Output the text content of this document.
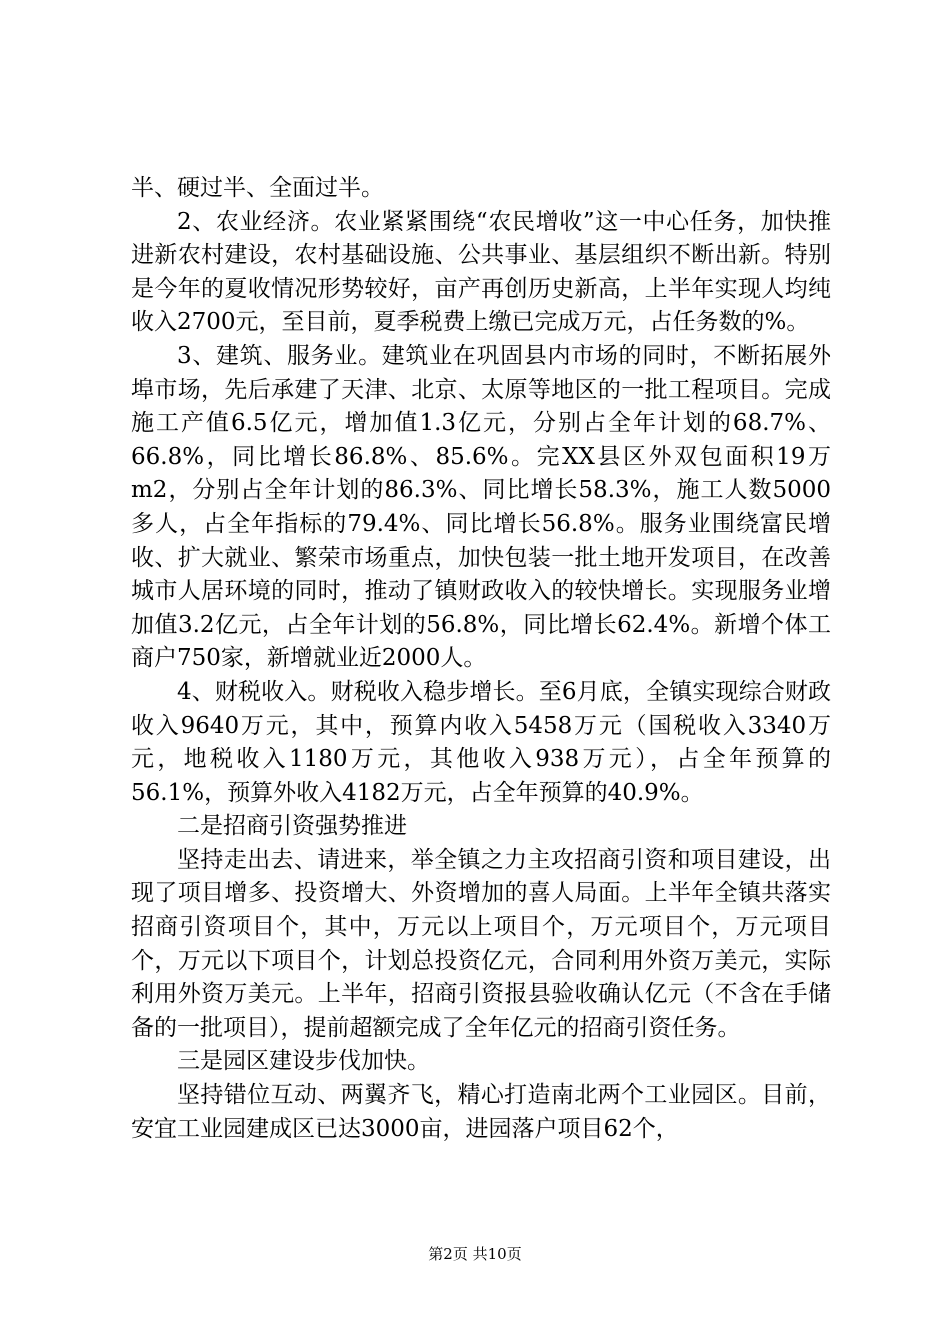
半、硬过半、全面过半。

2、农业经济。农业紧紧围绕“农民增收”这一中心任务，加快推进新农村建设，农村基础设施、公共事业、基层组织不断出新。特别是今年的夏收情况形势较好，亩产再创历史新高，上半年实现人均纯收入2700元，至目前，夏季税费上缴已完成万元，占任务数的%。

3、建筑、服务业。建筑业在巩固县内市场的同时，不断拓展外埠市场，先后承建了天津、北京、太原等地区的一批工程项目。完成施工产值6.5亿元，增加值1.3亿元，分别占全年计划的68.7%、66.8%，同比增长86.8%、85.6%。完XX县区外双包面积19万m2，分别占全年计划的86.3%、同比增长58.3%，施工人数5000多人，占全年指标的79.4%、同比增长56.8%。服务业围绕富民增收、扩大就业、繁荣市场重点，加快包装一批土地开发项目，在改善城市人居环境的同时，推动了镇财政收入的较快增长。实现服务业增加值3.2亿元，占全年计划的56.8%，同比增长62.4%。新增个体工商户750家，新增就业近2000人。

4、财税收入。财税收入稳步增长。至6月底，全镇实现综合财政收入9640万元，其中，预算内收入5458万元（国税收入3340万元，地税收入1180万元，其他收入938万元），占全年预算的56.1%，预算外收入4182万元，占全年预算的40.9%。

二是招商引资强势推进

坚持走出去、请进来，举全镇之力主攻招商引资和项目建设，出现了项目增多、投资增大、外资增加的喜人局面。上半年全镇共落实招商引资项目个，其中，万元以上项目个，万元项目个，万元项目个，万元以下项目个，计划总投资亿元，合同利用外资万美元，实际利用外资万美元。上半年，招商引资报县验收确认亿元（不含在手储备的一批项目），提前超额完成了全年亿元的招商引资任务。

三是园区建设步伐加快。

坚持错位互动、两翼齐飞，精心打造南北两个工业园区。目前，安宜工业园建成区已达3000亩，进园落户项目62个，

第2页 共10页
